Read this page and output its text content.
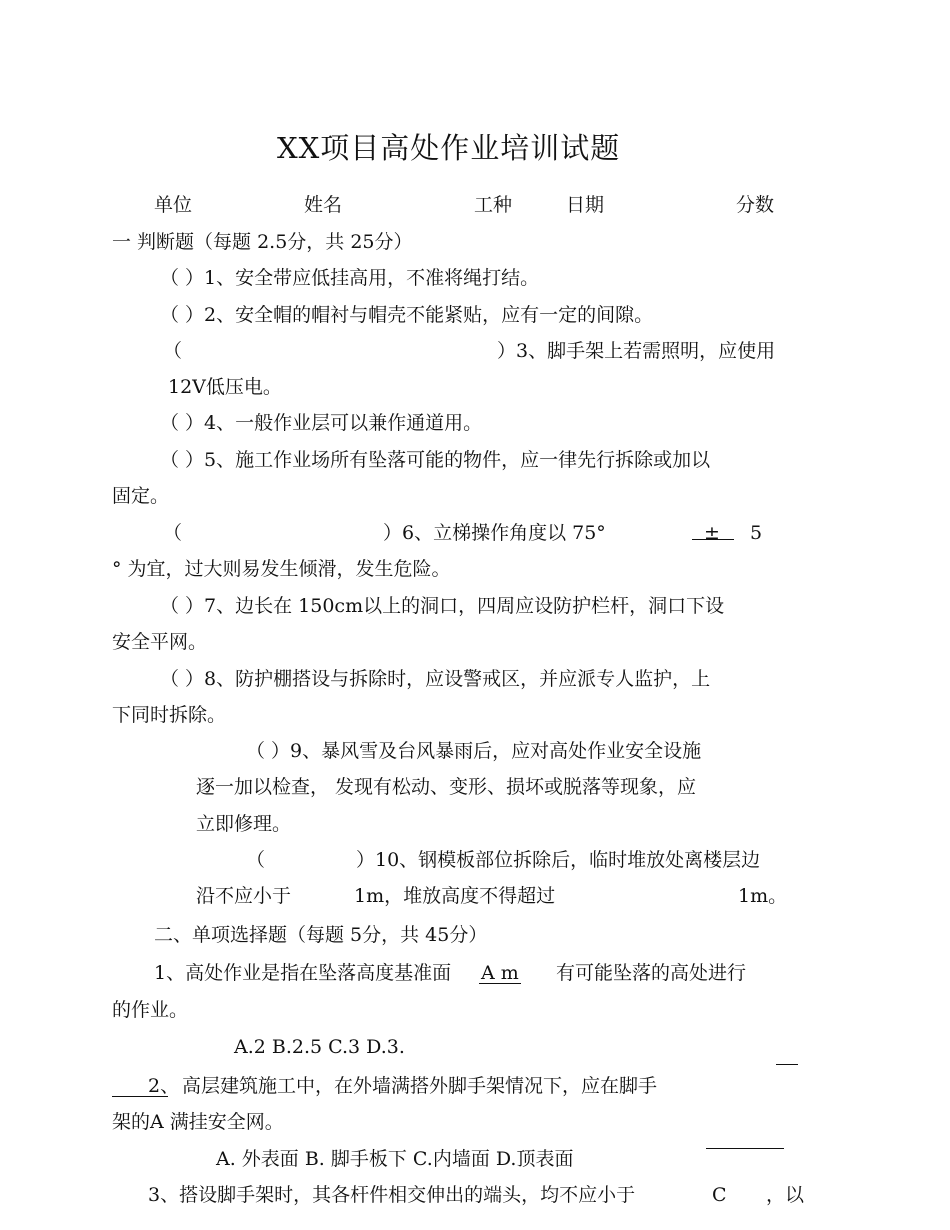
XX项目高处作业培训试题
单位	姓名	工种	日期	分数
一 判断题（每题 2.5分，共 25分）
（ ）1、安全带应低挂高用，不准将绳打结。
（ ）2、安全帽的帽衬与帽壳不能紧贴，应有一定的间隙。
（	）3、脚手架上若需照明，应使用
12V低压电。
（ ）4、一般作业层可以兼作通道用。
（ ）5、施工作业场所有坠落可能的物件，应一律先行拆除或加以
固定。
（	）6、立梯操作角度以 75°	± 5
° 为宜，过大则易发生倾滑，发生危险。
（ ）7、边长在 150cm以上的洞口，四周应设防护栏杆，洞口下设
安全平网。
（ ）8、防护棚搭设与拆除时，应设警戒区，并应派专人监护，上
下同时拆除。
（ ）9、暴风雪及台风暴雨后，应对高处作业安全设施
逐一加以检查， 发现有松动、变形、损坏或脱落等现象，应
立即修理。
（	）10、钢模板部位拆除后，临时堆放处离楼层边
沿不应小于	1m，堆放高度不得超过	1m。
二、单项选择题（每题 5分，共 45分）
1、高处作业是指在坠落高度基准面 A m 有可能坠落的高处进行
的作业。
A.2 B.2.5 C.3 D.3.
2、 高层建筑施工中，在外墙满搭外脚手架情况下，应在脚手
架的A 满挂安全网。
A. 外表面 B. 脚手板下 C.内墙面 D.顶表面
3、搭设脚手架时，其各杆件相交伸出的端头，均不应小于	C ，以
